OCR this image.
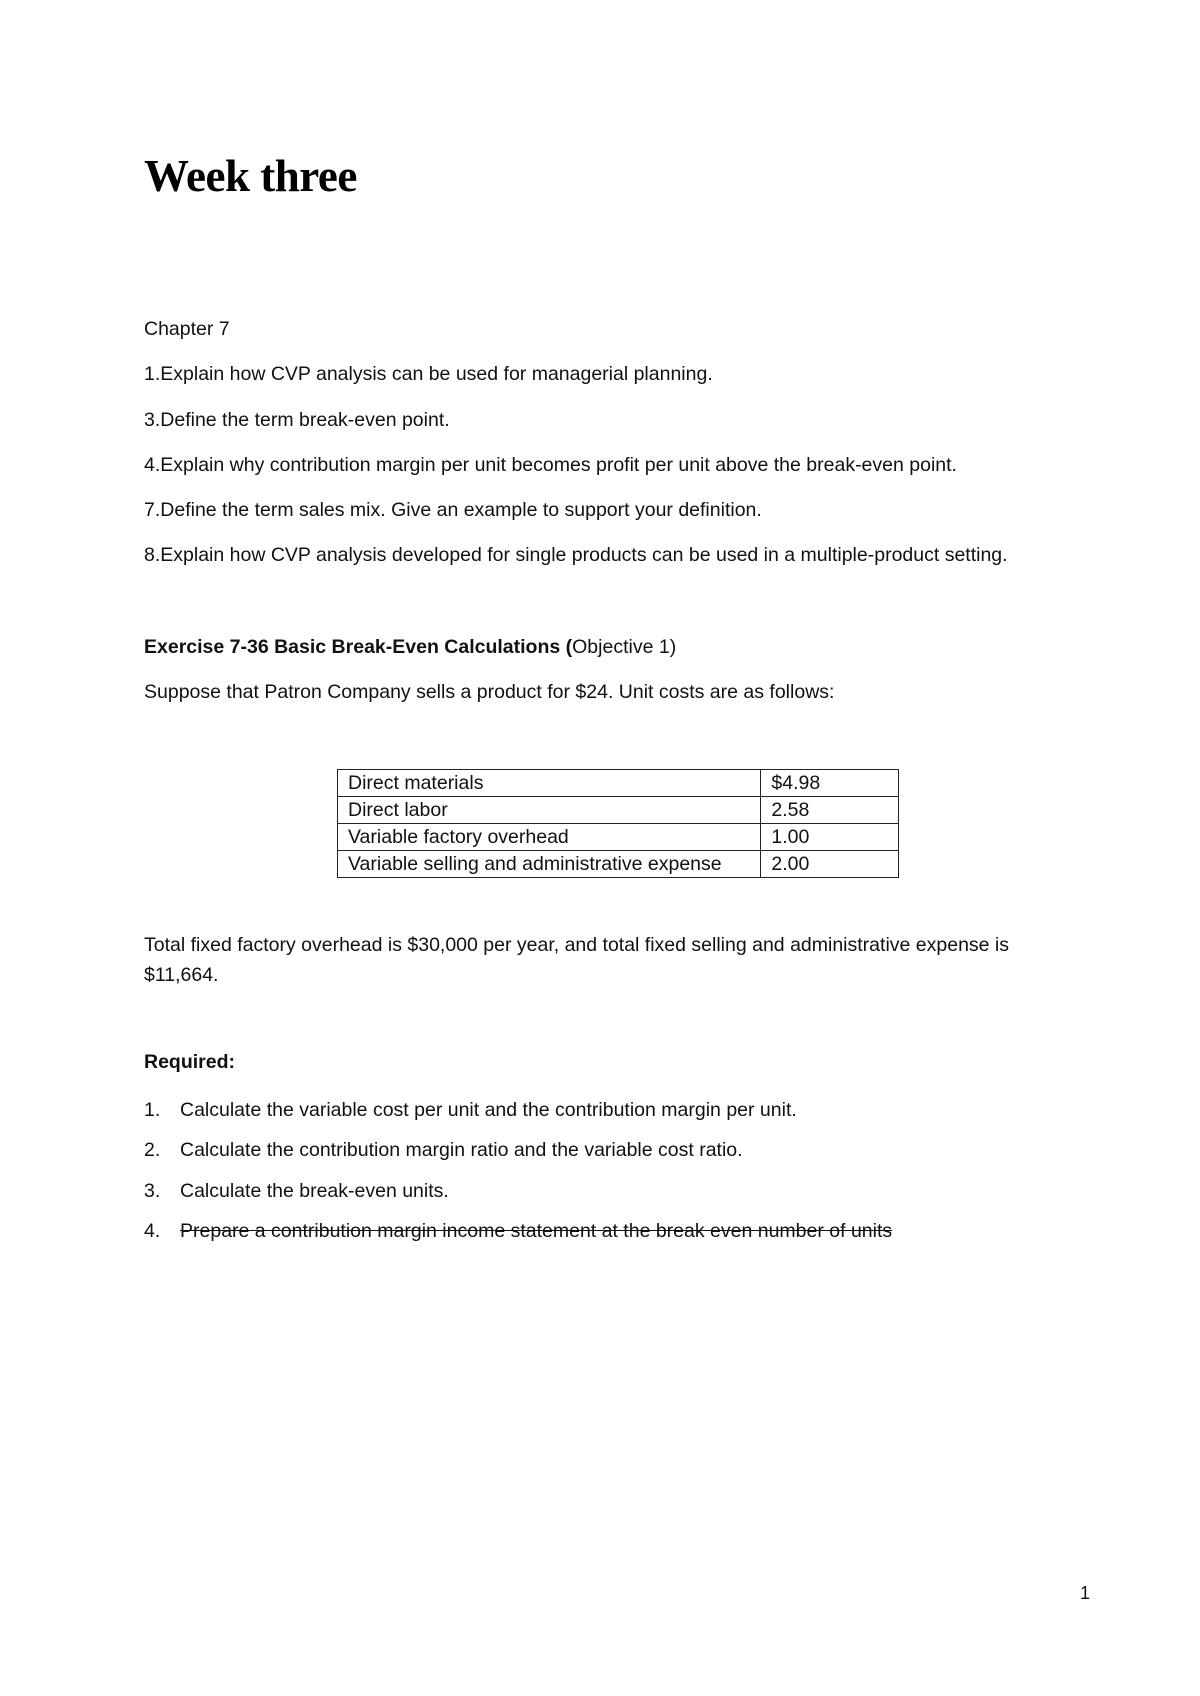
Week three

Chapter 7

1.Explain how CVP analysis can be used for managerial planning.

3.Define the term break-even point.

4.Explain why contribution margin per unit becomes profit per unit above the break-even point.

7.Define the term sales mix. Give an example to support your definition.

8.Explain how CVP analysis developed for single products can be used in a multiple-product setting.

Exercise 7-36 Basic Break-Even Calculations (Objective 1)

Suppose that Patron Company sells a product for $24. Unit costs are as follows:

Direct materials	$4.98
Direct labor	2.58
Variable factory overhead	1.00
Variable selling and administrative expense	2.00

Total fixed factory overhead is $30,000 per year, and total fixed selling and administrative expense is $11,664.

Required:

1. Calculate the variable cost per unit and the contribution margin per unit.

2. Calculate the contribution margin ratio and the variable cost ratio.

3. Calculate the break-even units.

4. Prepare a contribution margin income statement at the break even number of units

1
